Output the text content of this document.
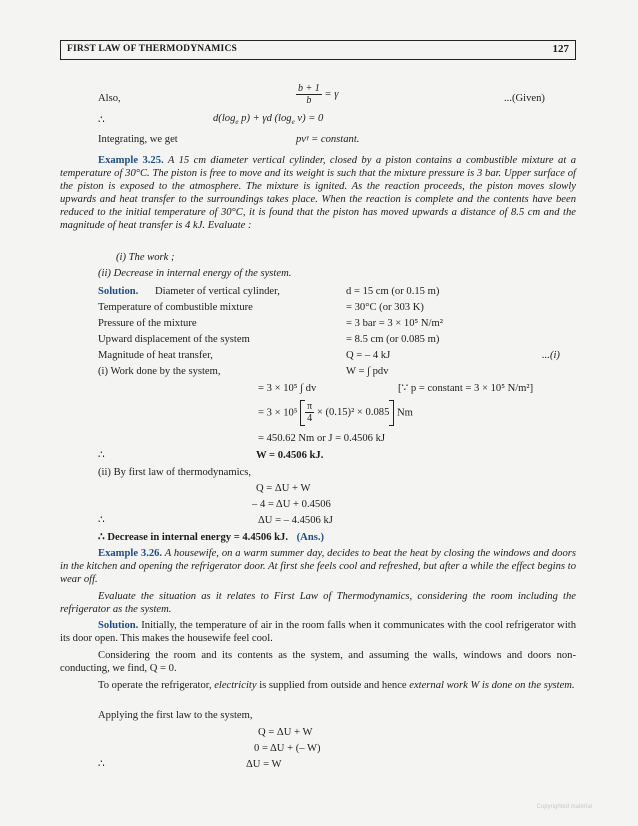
FIRST LAW OF THERMODYNAMICS	127
Also,	$\frac{b + 1}{b} = \gamma$	...(Given)
∴	$d(\log_e$ p) + γd ($\log_e$ v) = 0
Integrating, we get	pvᵞ = constant.
Example 3.25. A 15 cm diameter vertical cylinder, closed by a piston contains a combustible mixture at a temperature of 30°C. The piston is free to move and its weight is such that the mixture pressure is 3 bar. Upper surface of the piston is exposed to the atmosphere. The mixture is ignited. As the reaction proceeds, the piston moves slowly upwards and heat transfer to the surroundings takes place. When the reaction is complete and the contents have been reduced to the initial temperature of 30°C, it is found that the piston has moved upwards a distance of 8.5 cm and the magnitude of heat transfer is 4 kJ. Evaluate :
(i) The work ;
(ii) Decrease in internal energy of the system.
Solution. Diameter of vertical cylinder,	d = 15 cm (or 0.15 m)
Temperature of combustible mixture	= 30°C (or 303 K)
Pressure of the mixture	= 3 bar = 3 × 10⁵ N/m²
Upward displacement of the system	= 8.5 cm (or 0.085 m)
Magnitude of heat transfer,	Q = – 4 kJ	...(i)
(i) Work done by the system,	W = ∫ pdv
= 3 × 10⁵ ∫ dv	[∵ p = constant = 3 × 10⁵ N/m²]
= $3 \times 10^5 \frac{\pi}{4} \times (0.15)^2 \times 0.085$ Nm
= 450.62 Nm or J = 0.4506 kJ
∴	W = 0.4506 kJ.
(ii) By first law of thermodynamics,
Q = ΔU + W
– 4 = ΔU + 0.4506
∴	ΔU = – 4.4506 kJ
∴ Decrease in internal energy = 4.4506 kJ. (Ans.)
Example 3.26. A housewife, on a warm summer day, decides to beat the heat by closing the windows and doors in the kitchen and opening the refrigerator door. At first she feels cool and refreshed, but after a while the effect begins to wear off.
Evaluate the situation as it relates to First Law of Thermodynamics, considering the room including the refrigerator as the system.
Solution. Initially, the temperature of air in the room falls when it communicates with the cool refrigerator with its door open. This makes the housewife feel cool.
Considering the room and its contents as the system, and assuming the walls, windows and doors non-conducting, we find, Q = 0.
To operate the refrigerator, electricity is supplied from outside and hence external work W is done on the system.
Applying the first law to the system,
Q = ΔU + W
0 = ΔU + (– W)
∴	ΔU = W
Copyrighted material
